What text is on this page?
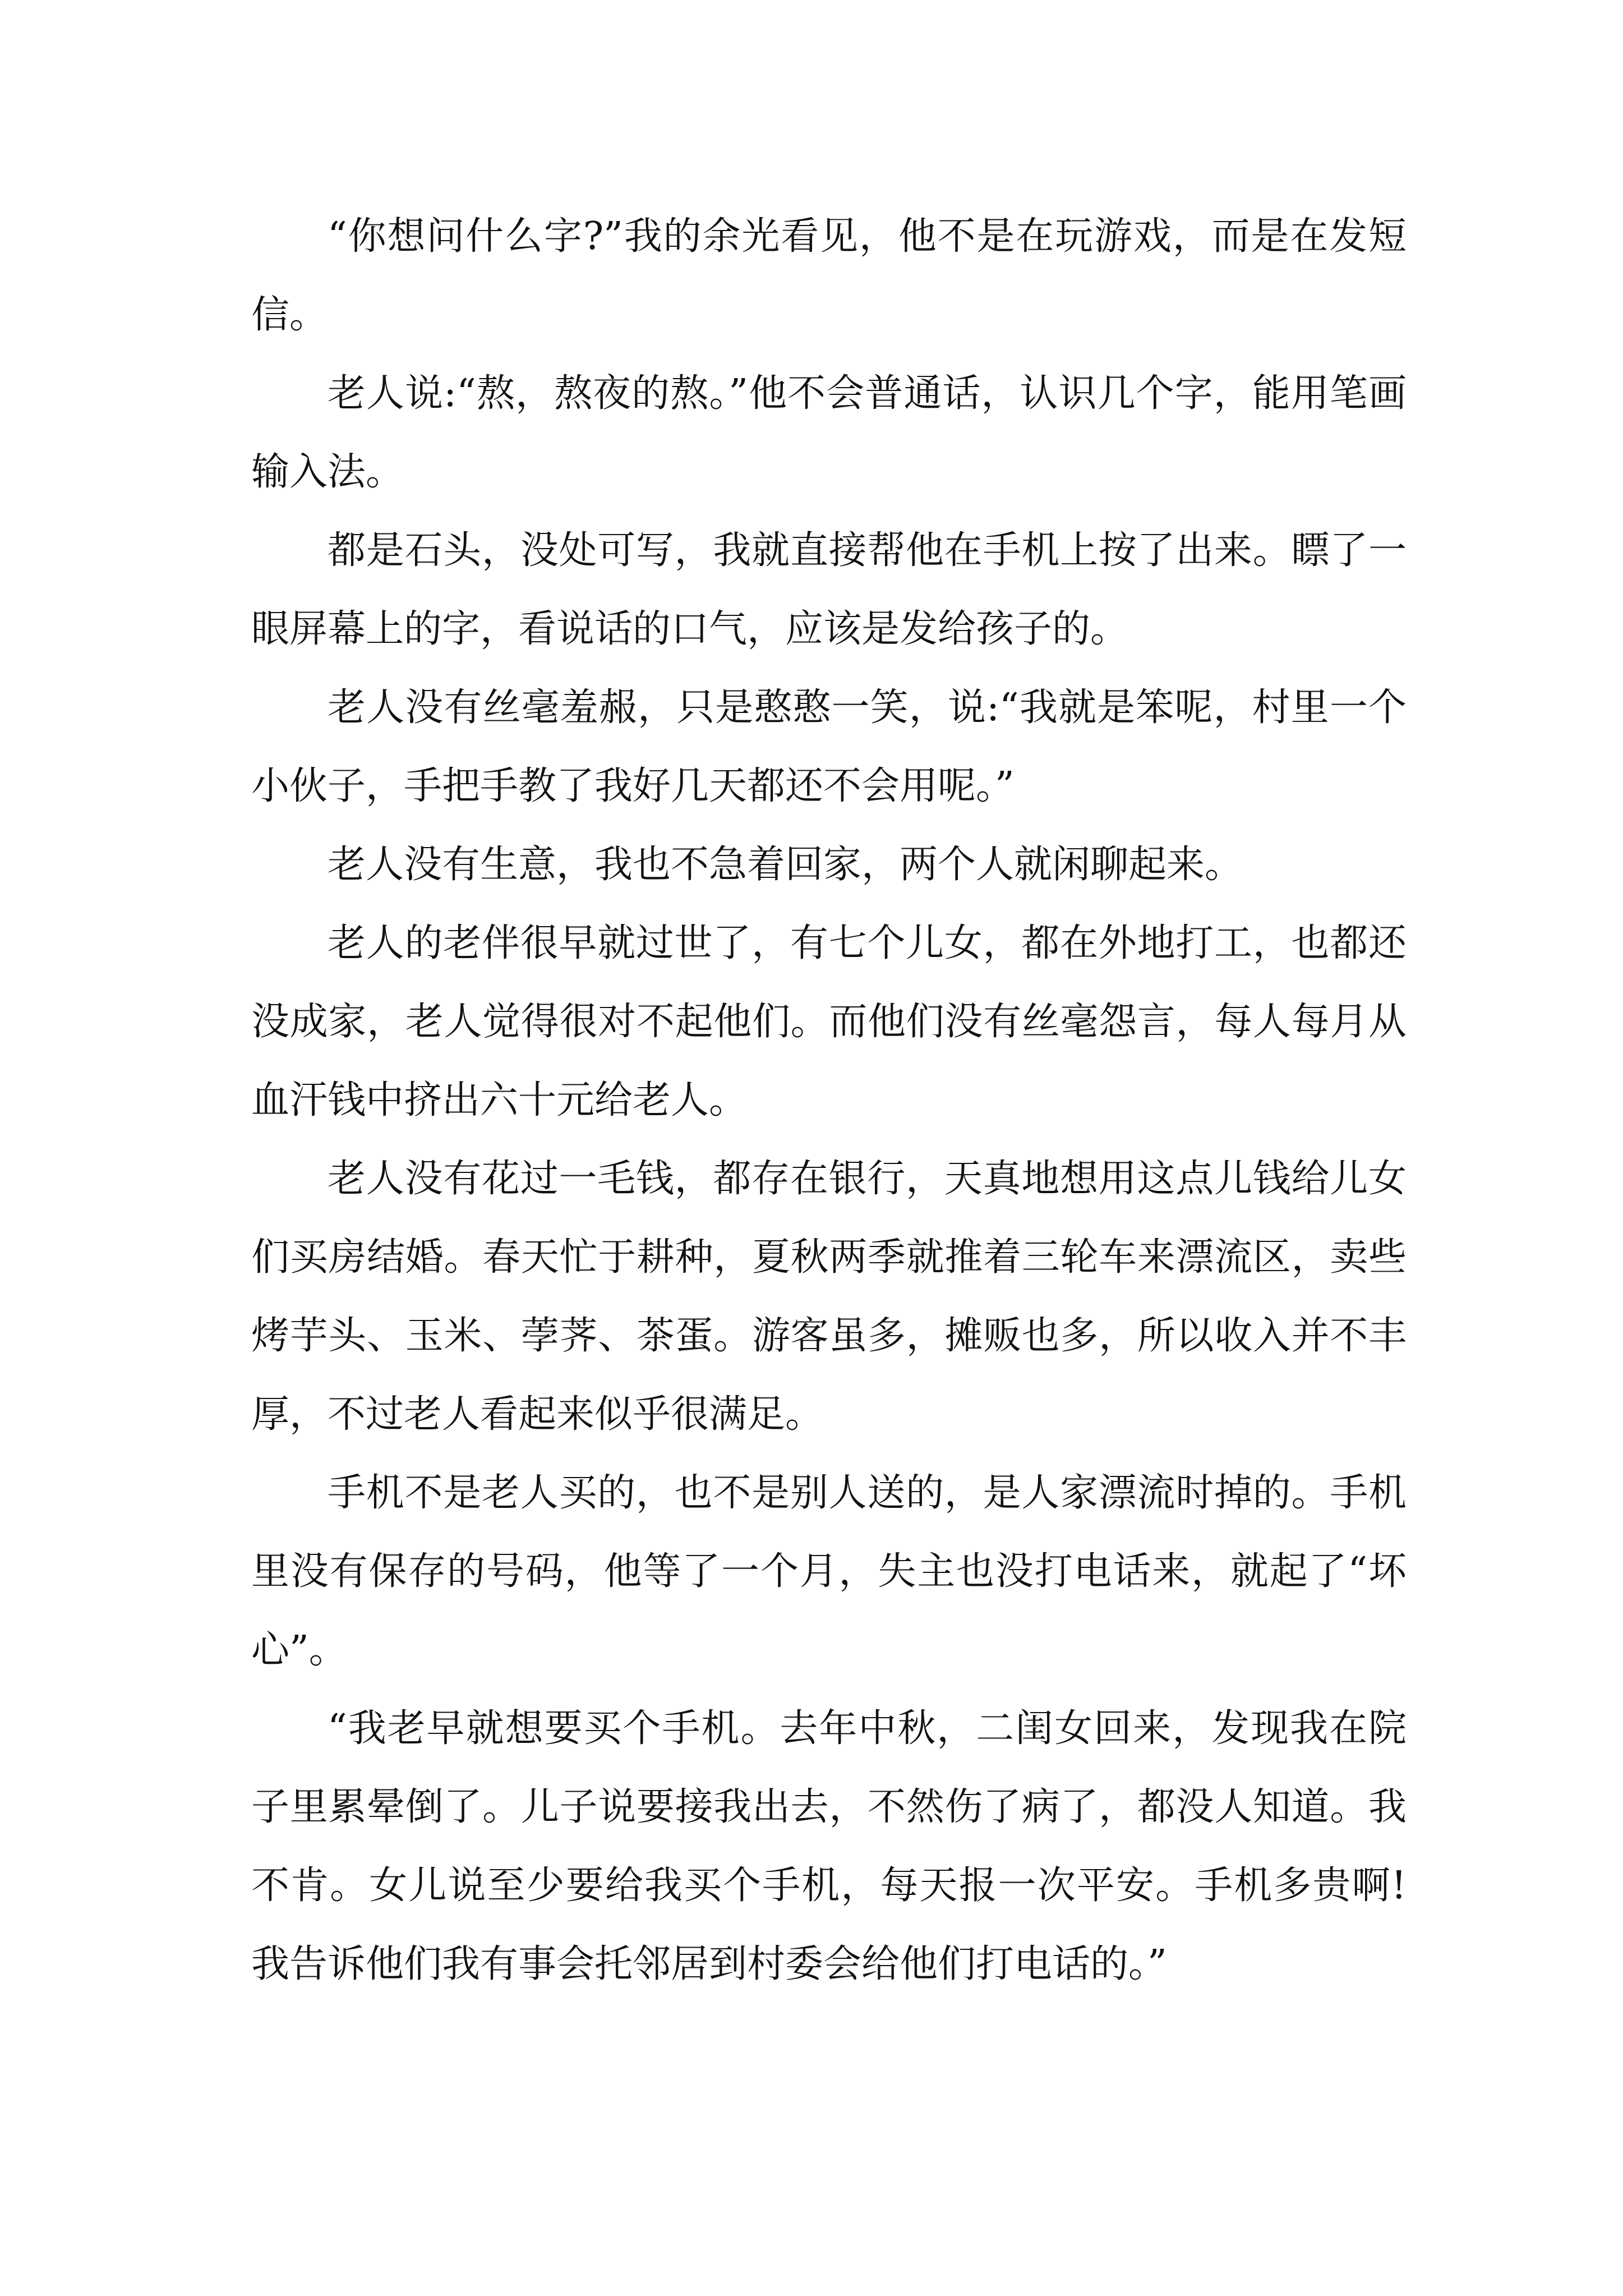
“你想问什么字?”我的余光看见，他不是在玩游戏，而是在发短信。

老人说:“熬，熬夜的熬。”他不会普通话，认识几个字，能用笔画输入法。

都是石头，没处可写，我就直接帮他在手机上按了出来。瞟了一眼屏幕上的字，看说话的口气，应该是发给孩子的。

老人没有丝毫羞赧，只是憨憨一笑，说:“我就是笨呢，村里一个小伙子，手把手教了我好几天都还不会用呢。”

老人没有生意，我也不急着回家，两个人就闲聊起来。

老人的老伴很早就过世了，有七个儿女，都在外地打工，也都还没成家，老人觉得很对不起他们。而他们没有丝毫怨言，每人每月从血汗钱中挤出六十元给老人。

老人没有花过一毛钱，都存在银行，天真地想用这点儿钱给儿女们买房结婚。春天忙于耕种，夏秋两季就推着三轮车来漂流区，卖些烤芋头、玉米、荸荠、茶蛋。游客虽多，摊贩也多，所以收入并不丰厚，不过老人看起来似乎很满足。

手机不是老人买的，也不是别人送的，是人家漂流时掉的。手机里没有保存的号码，他等了一个月，失主也没打电话来，就起了“坏心”。

“我老早就想要买个手机。去年中秋，二闺女回来，发现我在院子里累晕倒了。儿子说要接我出去，不然伤了病了，都没人知道。我不肯。女儿说至少要给我买个手机，每天报一次平安。手机多贵啊!我告诉他们我有事会托邻居到村委会给他们打电话的。”
